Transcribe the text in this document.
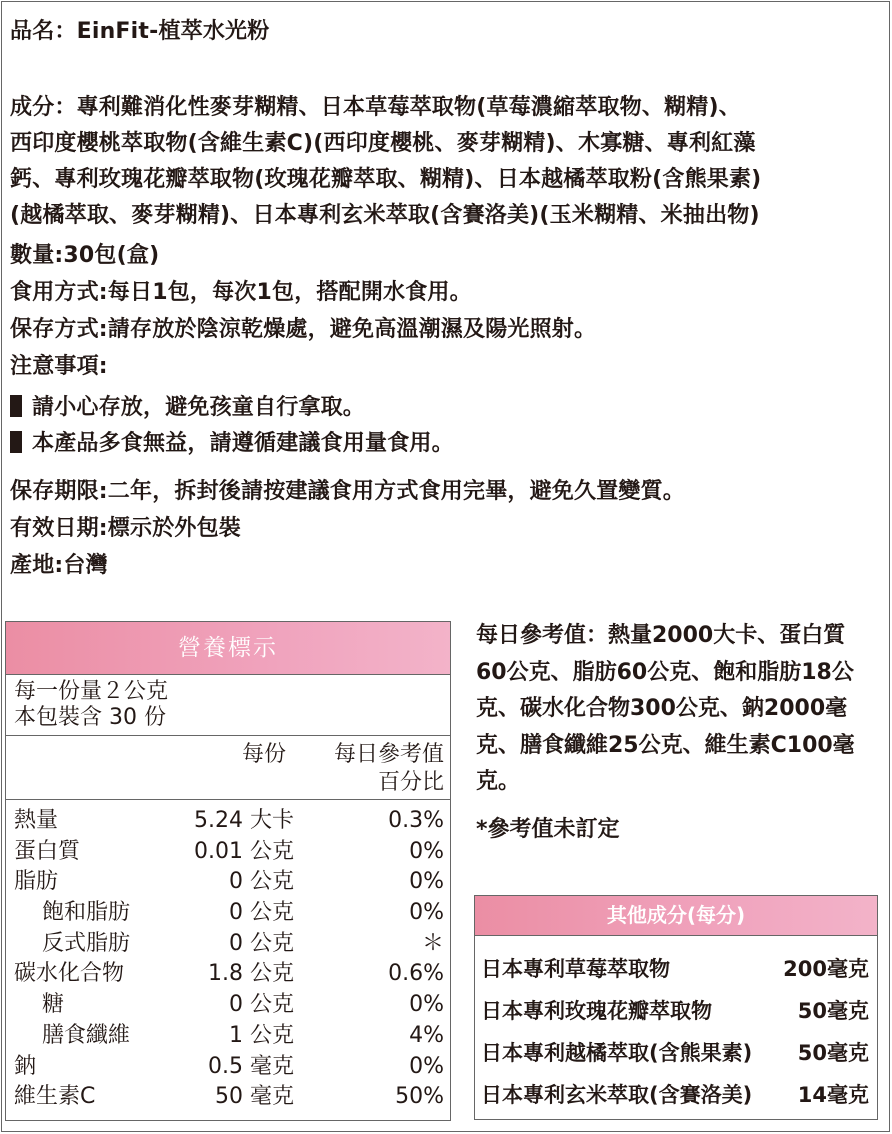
品名：EinFit-植萃水光粉
成分：專利難消化性麥芽糊精、日本草莓萃取物(草莓濃縮萃取物、糊精)、
西印度櫻桃萃取物(含維生素C)(西印度櫻桃、麥芽糊精)、木寡糖、專利紅藻
鈣、專利玫瑰花瓣萃取物(玫瑰花瓣萃取、糊精)、日本越橘萃取粉(含熊果素)
(越橘萃取、麥芽糊精)、日本專利玄米萃取(含賽洛美)(玉米糊精、米抽出物)
數量:30包(盒)
食用方式:每日1包，每次1包，搭配開水食用。
保存方式:請存放於陰涼乾燥處，避免高溫潮濕及陽光照射。
注意事項:
請小心存放，避免孩童自行拿取。
本產品多食無益，請遵循建議食用量食用。
保存期限:二年，拆封後請按建議食用方式食用完畢，避免久置變質。
有效日期:標示於外包裝
產地:台灣
營養標示
每一份量２公克
本包裝含 30 份
每份 每日參考值
百分比
熱量	5.24 大卡	0.3%
蛋白質	0.01 公克	0%
脂肪	0 公克	0%
飽和脂肪	0 公克	0%
反式脂肪	0 公克	＊
碳水化合物	1.8 公克	0.6%
糖	0 公克	0%
膳食纖維	1 公克	4%
鈉	0.5 毫克	0%
維生素C	50 毫克	50%
每日參考值：熱量2000大卡、蛋白質
60公克、脂肪60公克、飽和脂肪18公
克、碳水化合物300公克、鈉2000毫
克、膳食纖維25公克、維生素C100毫
克。
*參考值未訂定
其他成分(每分)
日本專利草莓萃取物	200毫克
日本專利玫瑰花瓣萃取物	50毫克
日本專利越橘萃取(含熊果素) 50毫克
日本專利玄米萃取(含賽洛美) 14毫克
